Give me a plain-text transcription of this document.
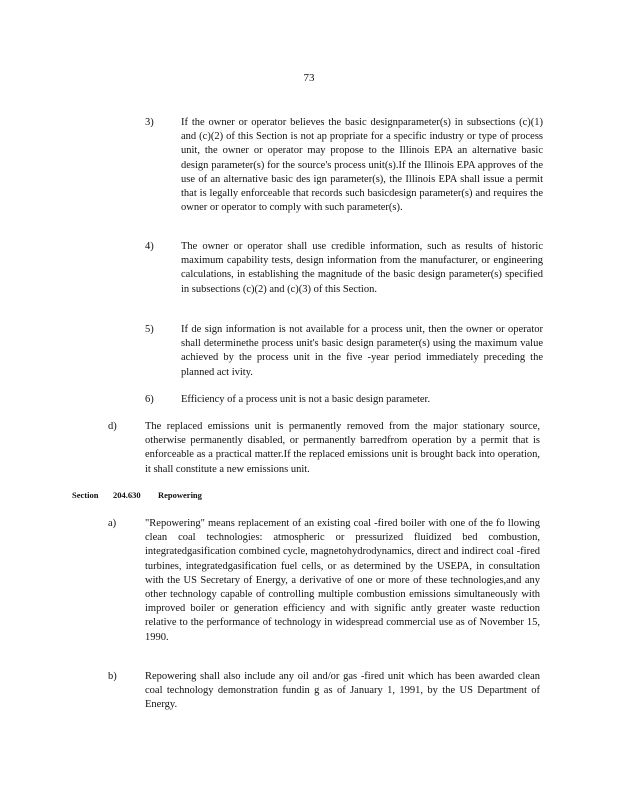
73
3)	If the owner or operator believes the basic designparameter(s) in subsections (c)(1) and (c)(2) of this Section is not ap propriate for a specific industry or type of process unit, the owner or operator may propose to the Illinois EPA an alternative basic design parameter(s) for the source's process unit(s).If the Illinois EPA approves of the use of an alternative basic des ign parameter(s), the Illinois EPA shall issue a permit that is legally enforceable that records such basicdesign parameter(s) and requires the owner or operator to comply with such parameter(s).
4)	The owner or operator shall use credible information, such as results of historic maximum capability tests, design information from the manufacturer, or engineering calculations, in establishing the magnitude of the basic design parameter(s) specified in subsections (c)(2) and (c)(3) of this Section.
5)	If de sign information is not available for a process unit, then the owner or operator shall determinethe process unit's basic design parameter(s) using the maximum value achieved by the process unit in the five -year period immediately preceding the planned act ivity.
6)	Efficiency of a process unit is not a basic design parameter.
d)	The replaced emissions unit is permanently removed from the major stationary source, otherwise permanently disabled, or permanently barredfrom operation by a permit that is enforceable as a practical matter.If the replaced emissions unit is brought back into operation, it shall constitute a new emissions unit.
Section	204.630	Repowering
a)	"Repowering" means replacement of an existing coal -fired boiler with one of the fo llowing clean coal technologies: atmospheric or pressurized fluidized bed combustion, integratedgasification combined cycle, magnetohydrodynamics, direct and indirect coal -fired turbines, integratedgasification fuel cells, or as determined by the USEPA, in consultation with the US Secretary of Energy, a derivative of one or more of these technologies,and any other technology capable of controlling multiple combustion emissions simultaneously with improved boiler or generation efficiency and with signific antly greater waste reduction relative to the performance of technology in widespread commercial use as of November 15, 1990.
b)	Repowering shall also include any oil and/or gas -fired unit which has been awarded clean coal technology demonstration fundin g as of January 1, 1991, by the US Department of Energy.
